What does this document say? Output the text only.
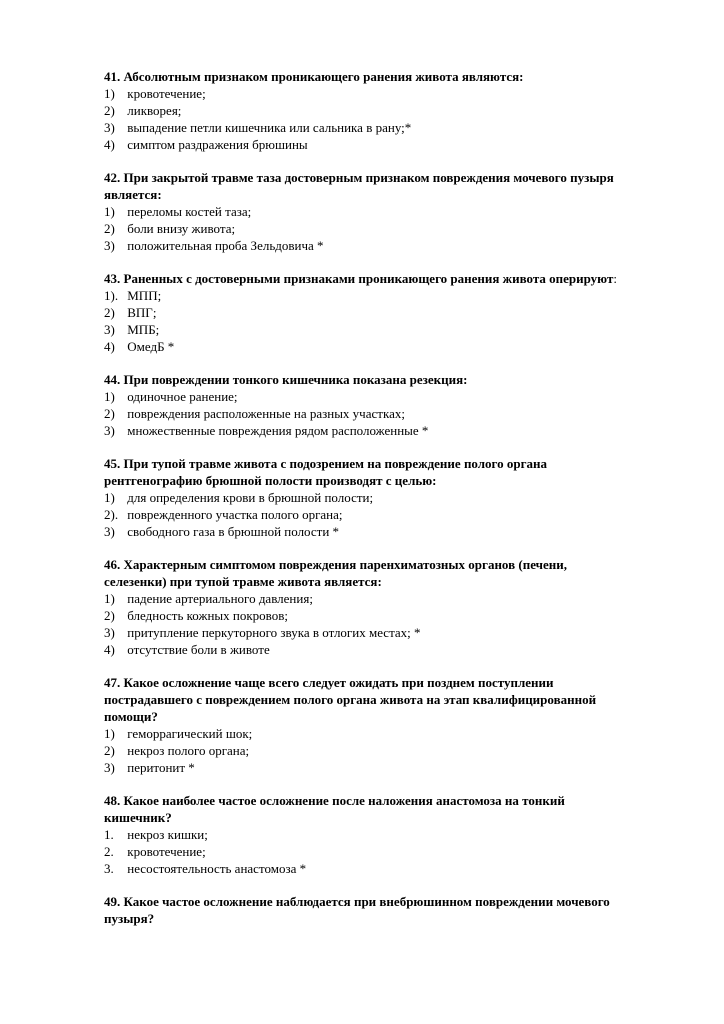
41. Абсолютным признаком проникающего ранения живота являются:
1) кровотечение;
2) ликворея;
3) выпадение петли кишечника или сальника в рану;*
4) симптом раздражения брюшины
42. При закрытой травме таза достоверным признаком повреждения мочевого пузыря является:
1) переломы костей таза;
2) боли внизу живота;
3) положительная проба Зельдовича *
43. Раненных с достоверными признаками проникающего ранения живота оперируют:
1). МПП;
2) ВПГ;
3) МПБ;
4) ОмедБ *
44. При повреждении тонкого кишечника показана резекция:
1) одиночное ранение;
2) повреждения расположенные на разных участках;
3) множественные повреждения рядом расположенные *
45. При тупой травме живота с подозрением на повреждение полого органа рентгенографию брюшной полости производят с целью:
1) для определения крови в брюшной полости;
2). поврежденного участка полого органа;
3) свободного газа в брюшной полости *
46. Характерным симптомом повреждения паренхиматозных органов (печени, селезенки) при тупой травме живота является:
1) падение артериального давления;
2) бледность кожных покровов;
3) притупление перкуторного звука в отлогих местах; *
4) отсутствие боли в животе
47. Какое осложнение чаще всего следует ожидать при позднем поступлении пострадавшего с повреждением полого органа живота на этап квалифицированной помощи?
1) геморрагический шок;
2) некроз полого органа;
3) перитонит *
48. Какое наиболее частое осложнение после наложения анастомоза на тонкий кишечник?
1. некроз кишки;
2. кровотечение;
3. несостоятельность анастомоза *
49. Какое частое осложнение наблюдается при внебрюшинном повреждении мочевого пузыря?
